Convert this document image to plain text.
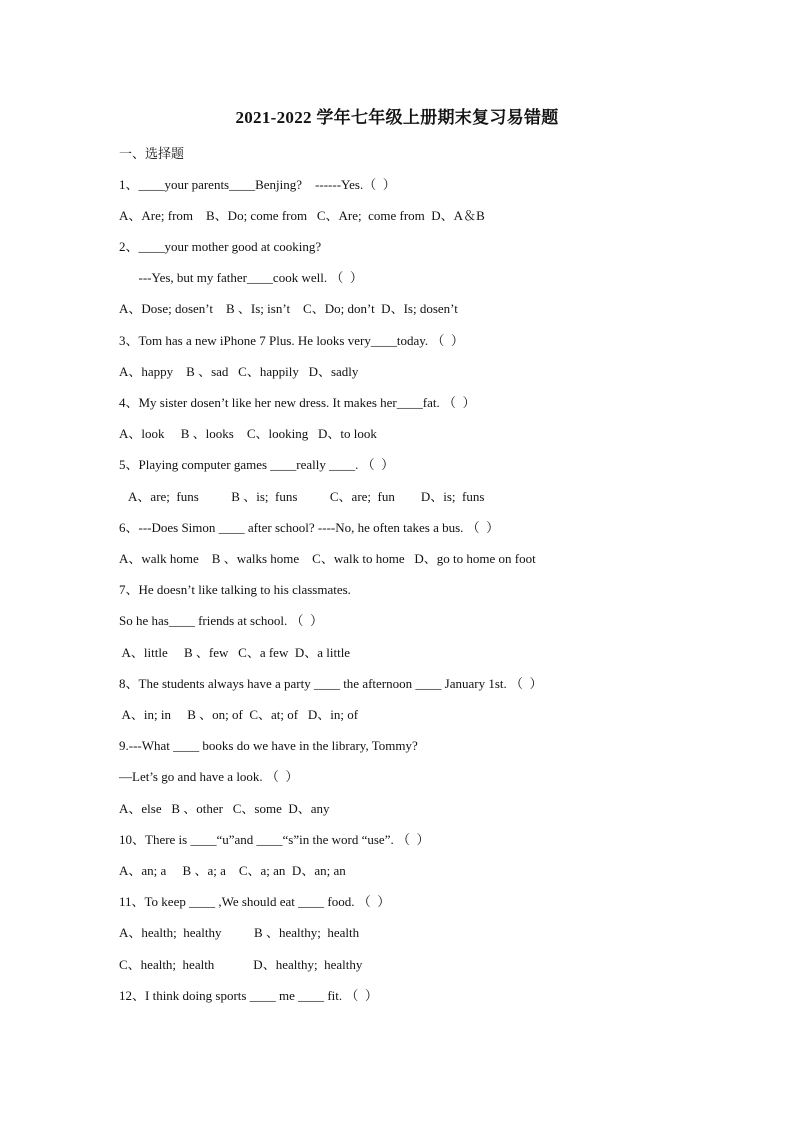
2021-2022 学年七年级上册期末复习易错题
一、选择题
1、____your parents____Benjing?    ------Yes.（  ）
A、Are; from    B、Do; come from   C、Are;  come from  D、A＆B
2、____your mother good at cooking?
---Yes, but my father____cook well. （  ）
A、Dose; dosen’t    B 、Is; isn’t    C、Do; don’t  D、Is; dosen’t
3、Tom has a new iPhone 7 Plus. He looks very____today. （  ）
A、happy    B 、sad   C、happily   D、sadly
4、My sister dosen’t like her new dress. It makes her____fat. （  ）
A、look     B 、looks    C、looking   D、to look
5、Playing computer games ____really ____. （  ）
A、are;  funs          B 、is;  funs          C、are;  fun        D、is;  funs
6、---Does Simon ____ after school? ----No, he often takes a bus. （  ）
A、walk home    B 、walks home    C、walk to home   D、go to home on foot
7、He doesn’t like talking to his classmates.
So he has____ friends at school. （  ）
A、little     B 、few   C、a few  D、a little
8、The students always have a party ____ the afternoon ____ January 1st. （  ）
A、in; in     B 、on; of  C、at; of   D、in; of
9.---What ____ books do we have in the library, Tommy?
—Let’s go and have a look. （  ）
A、else   B 、other   C、some  D、any
10、There is ____“u”and ____“s”in the word “use”. （  ）
A、an; a     B 、a; a    C、a; an  D、an; an
11、To keep ____ ,We should eat ____ food. （  ）
A、health;  healthy          B 、healthy;  health
C、health;  health            D、healthy;  healthy
12、I think doing sports ____ me ____ fit. （  ）
